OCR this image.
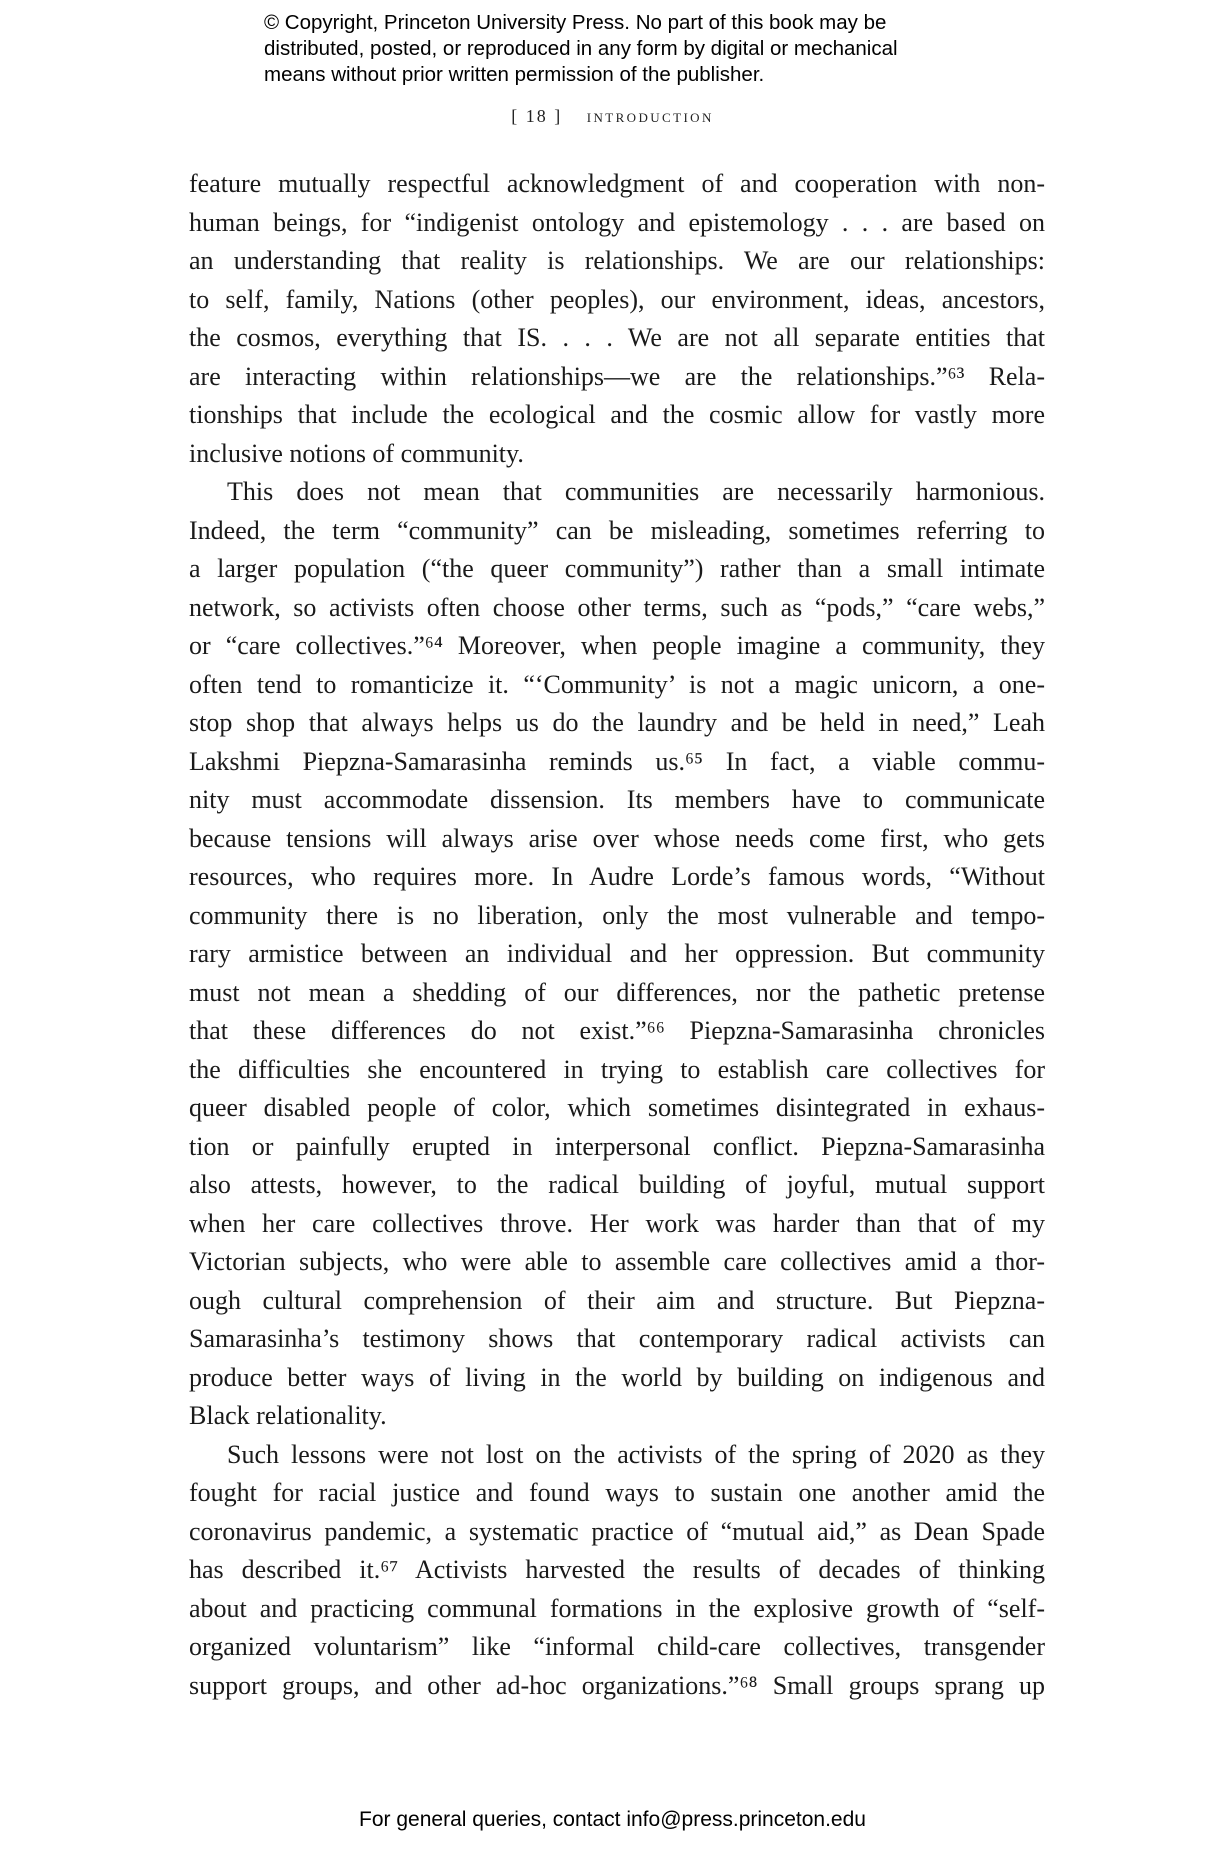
© Copyright, Princeton University Press. No part of this book may be
distributed, posted, or reproduced in any form by digital or mechanical
means without prior written permission of the publisher.
[ 18 ] introduction
feature mutually respectful acknowledgment of and cooperation with non-
human beings, for “indigenist ontology and epistemology . . . are based on
an understanding that reality is relationships. We are our relationships:
to self, family, Nations (other peoples), our environment, ideas, ancestors,
the cosmos, everything that IS. . . . We are not all separate entities that
are interacting within relationships—we are the relationships.”⁶³ Rela-
tionships that include the ecological and the cosmic allow for vastly more
inclusive notions of community.
This does not mean that communities are necessarily harmonious.
Indeed, the term “community” can be misleading, sometimes referring to
a larger population (“the queer community”) rather than a small intimate
network, so activists often choose other terms, such as “pods,” “care webs,”
or “care collectives.”⁶⁴ Moreover, when people imagine a community, they
often tend to romanticize it. “‘Community’ is not a magic unicorn, a one-
stop shop that always helps us do the laundry and be held in need,” Leah
Lakshmi Piepzna-Samarasinha reminds us.⁶⁵ In fact, a viable commu-
nity must accommodate dissension. Its members have to communicate
because tensions will always arise over whose needs come first, who gets
resources, who requires more. In Audre Lorde’s famous words, “Without
community there is no liberation, only the most vulnerable and tempo-
rary armistice between an individual and her oppression. But community
must not mean a shedding of our differences, nor the pathetic pretense
that these differences do not exist.”⁶⁶ Piepzna-Samarasinha chronicles
the difficulties she encountered in trying to establish care collectives for
queer disabled people of color, which sometimes disintegrated in exhaus-
tion or painfully erupted in interpersonal conflict. Piepzna-Samarasinha
also attests, however, to the radical building of joyful, mutual support
when her care collectives throve. Her work was harder than that of my
Victorian subjects, who were able to assemble care collectives amid a thor-
ough cultural comprehension of their aim and structure. But Piepzna-
Samarasinha’s testimony shows that contemporary radical activists can
produce better ways of living in the world by building on indigenous and
Black relationality.
Such lessons were not lost on the activists of the spring of 2020 as they
fought for racial justice and found ways to sustain one another amid the
coronavirus pandemic, a systematic practice of “mutual aid,” as Dean Spade
has described it.⁶⁷ Activists harvested the results of decades of thinking
about and practicing communal formations in the explosive growth of “self-
organized voluntarism” like “informal child-care collectives, transgender
support groups, and other ad-hoc organizations.”⁶⁸ Small groups sprang up
For general queries, contact info@press.princeton.edu
